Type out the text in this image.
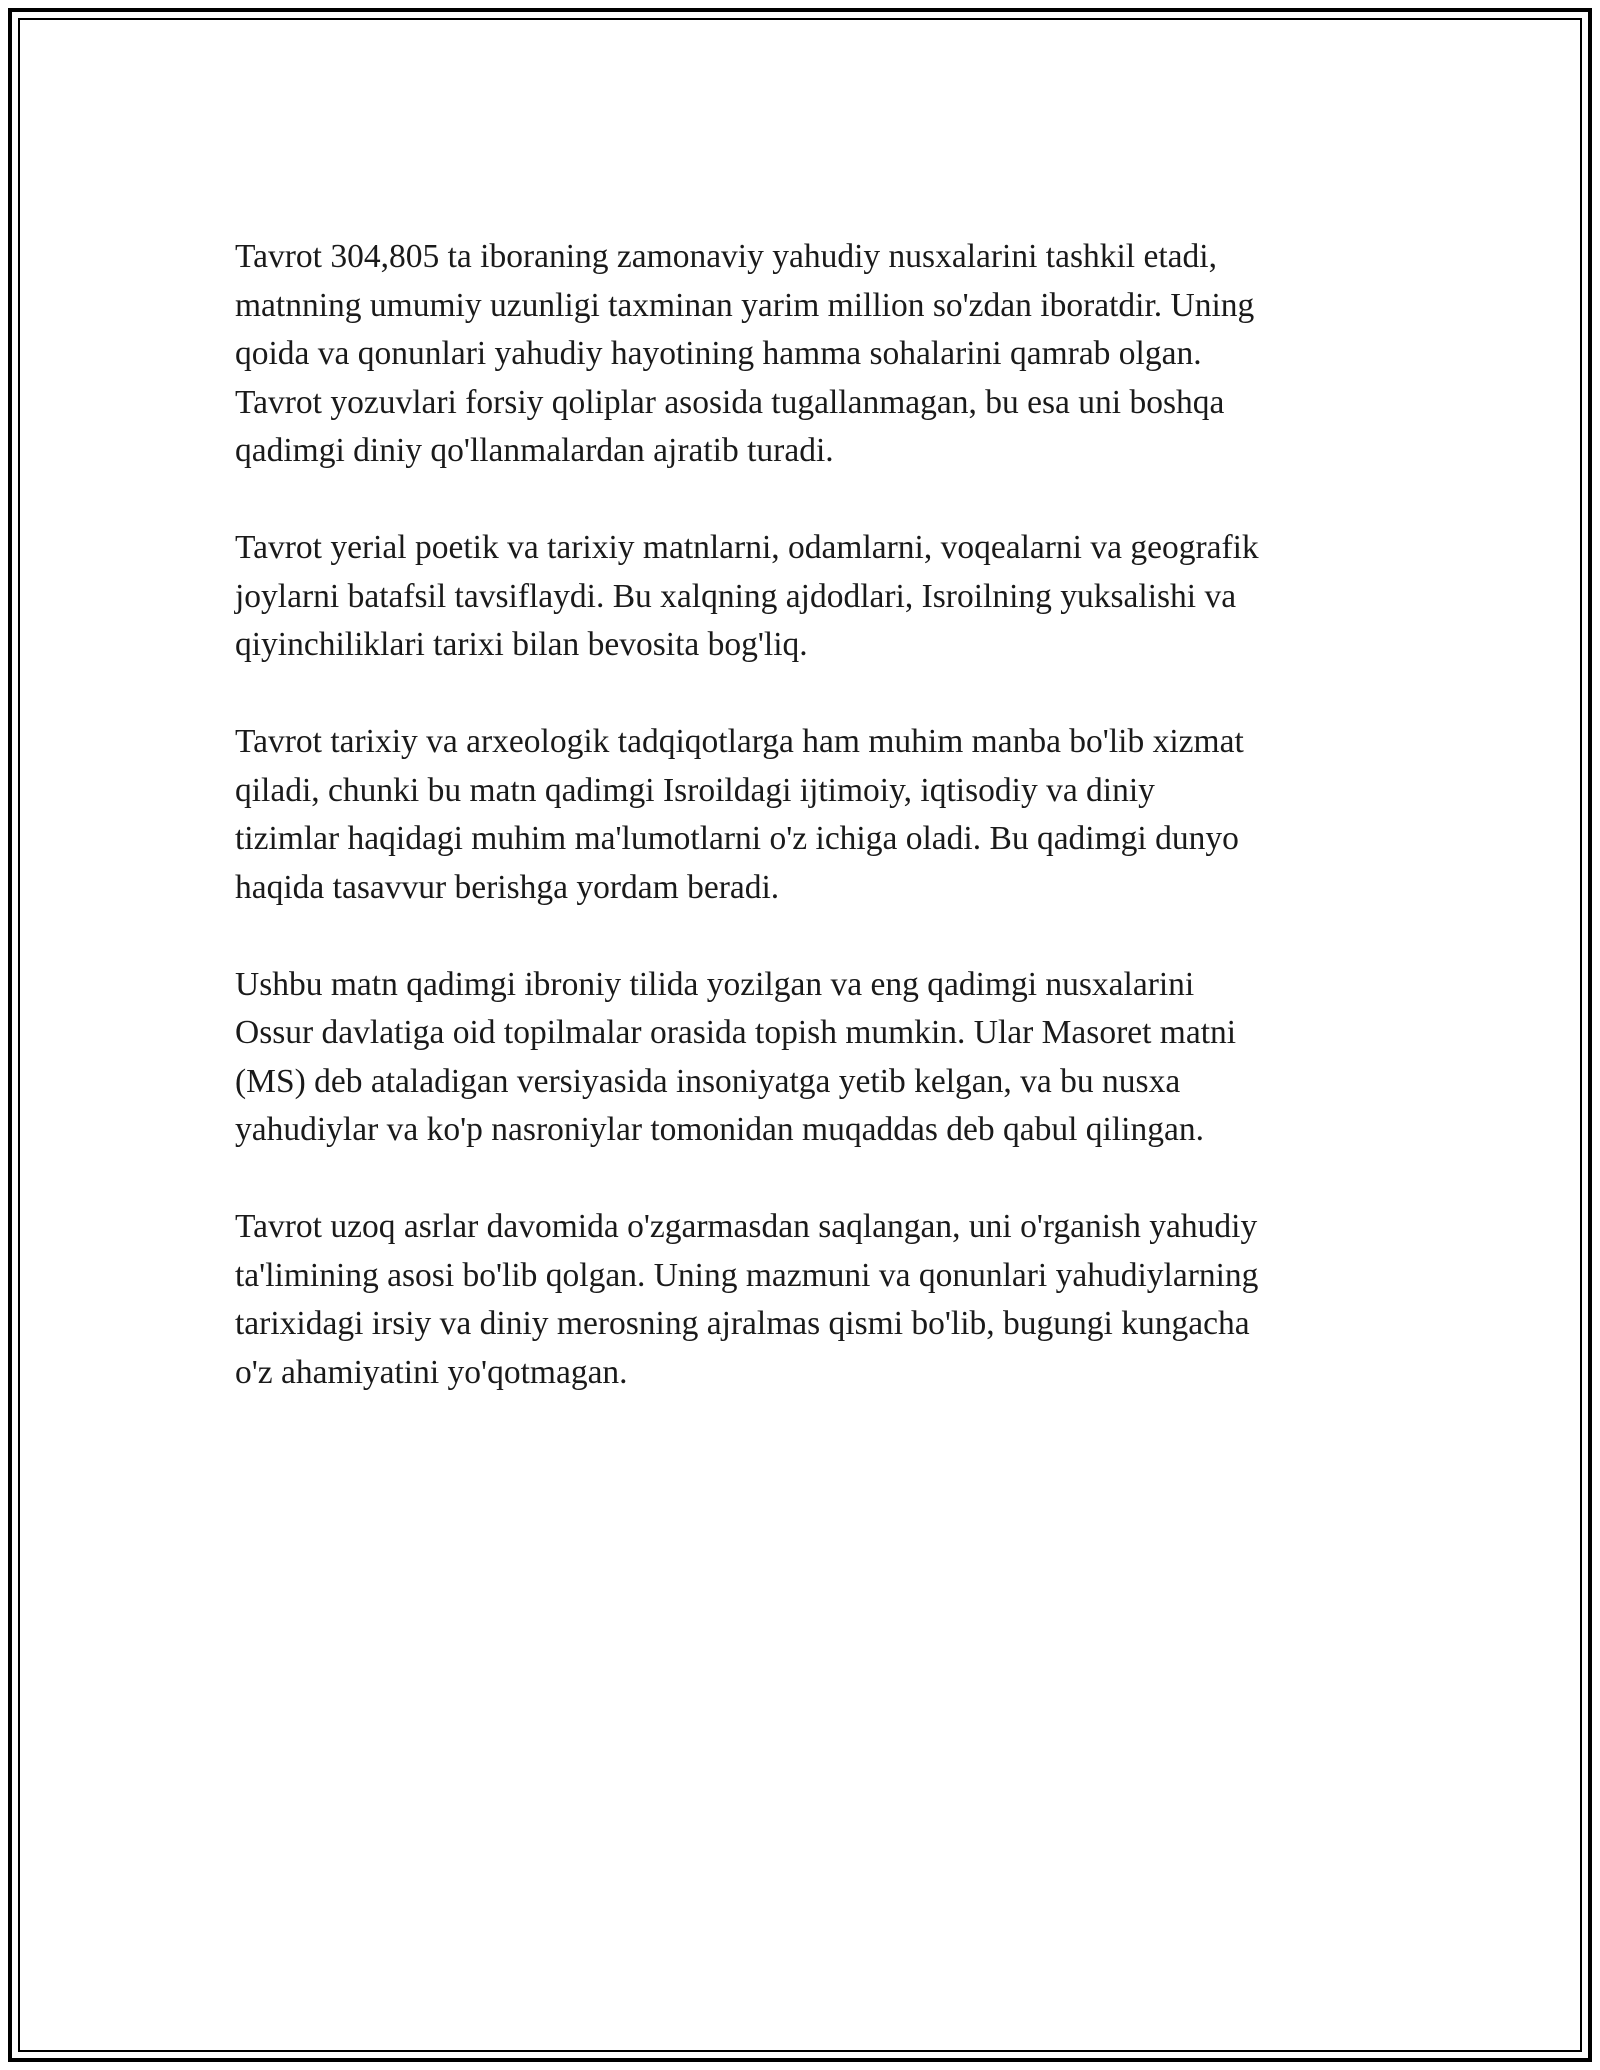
Tavrot 304,805 ta iboraning zamonaviy yahudiy nusxalarini tashkil etadi,
matnning umumiy uzunligi taxminan yarim million so'zdan iboratdir. Uning
qoida va qonunlari yahudiy hayotining hamma sohalarini qamrab olgan.
Tavrot yozuvlari forsiy qoliplar asosida tugallanmagan, bu esa uni boshqa
qadimgi diniy qo'llanmalardan ajratib turadi.

Tavrot yerial poetik va tarixiy matnlarni, odamlarni, voqealarni va geografik
joylarni batafsil tavsiflaydi. Bu xalqning ajdodlari, Isroilning yuksalishi va
qiyinchiliklari tarixi bilan bevosita bog'liq.

Tavrot tarixiy va arxeologik tadqiqotlarga ham muhim manba bo'lib xizmat
qiladi, chunki bu matn qadimgi Isroildagi ijtimoiy, iqtisodiy va diniy
tizimlar haqidagi muhim ma'lumotlarni o'z ichiga oladi. Bu qadimgi dunyo
haqida tasavvur berishga yordam beradi.

Ushbu matn qadimgi ibroniy tilida yozilgan va eng qadimgi nusxalarini
Ossur davlatiga oid topilmalar orasida topish mumkin. Ular Masoret matni
(MS) deb ataladigan versiyasida insoniyatga yetib kelgan, va bu nusxa
yahudiylar va ko'p nasroniylar tomonidan muqaddas deb qabul qilingan.

Tavrot uzoq asrlar davomida o'zgarmasdan saqlangan, uni o'rganish yahudiy
ta'limining asosi bo'lib qolgan. Uning mazmuni va qonunlari yahudiylarning
tarixidagi irsiy va diniy merosning ajralmas qismi bo'lib, bugungi kungacha
o'z ahamiyatini yo'qotmagan.
